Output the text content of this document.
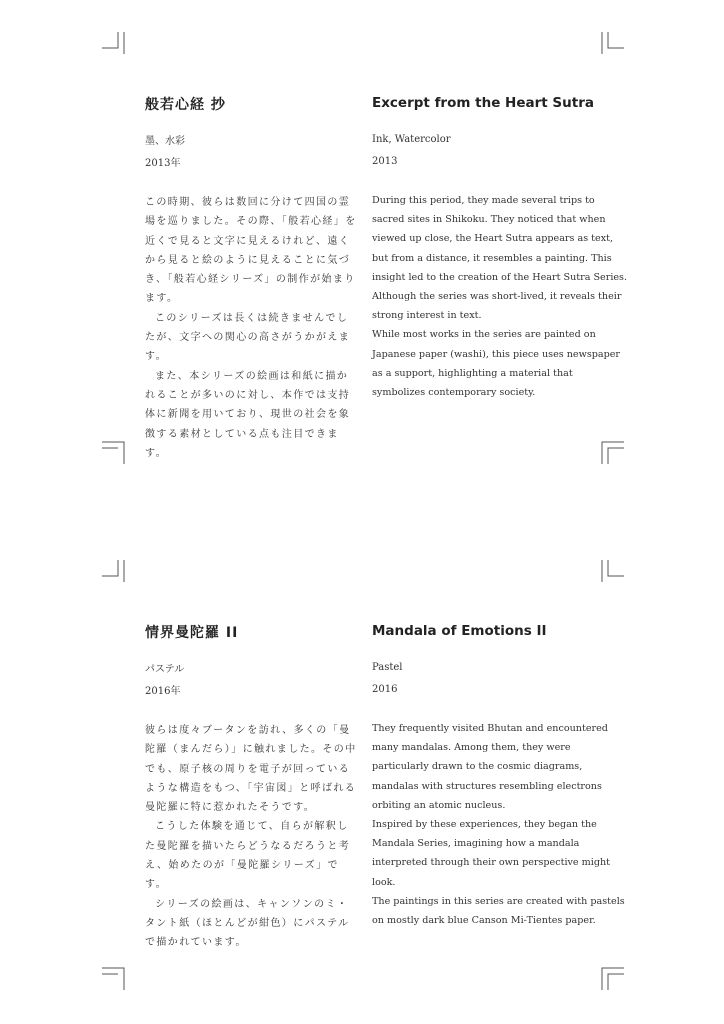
般若心経 抄
墨、水彩
2013年

この時期、彼らは数回に分けて四国の霊場を巡りました。その際、「般若心経」を近くで見ると文字に見えるけれど、遠くから見ると絵のように見えることに気づき、「般若心経シリーズ」の制作が始まります。

このシリーズは長くは続きませんでしたが、文字への関心の高さがうかがえます。

また、本シリーズの絵画は和紙に描かれることが多いのに対し、本作では支持体に新聞を用いており、現世の社会を象徴する素材としている点も注目できます。

Excerpt from the Heart Sutra
Ink, Watercolor
2013

During this period, they made several trips to

sacred sites in Shikoku. They noticed that when

viewed up close, the Heart Sutra appears as text,

but from a distance, it resembles a painting. This

insight led to the creation of the Heart Sutra Series.

Although the series was short-lived, it reveals their

strong interest in text.

While most works in the series are painted on

Japanese paper (washi), this piece uses newspaper

as a support, highlighting a material that

symbolizes contemporary society.

情界曼陀羅 II
パステル
2016年

彼らは度々ブータンを訪れ、多くの「曼陀羅（まんだら）」に触れました。その中でも、原子核の周りを電子が回っているような構造をもつ、「宇宙図」と呼ばれる曼陀羅に特に惹かれたそうです。

こうした体験を通じて、自らが解釈した曼陀羅を描いたらどうなるだろうと考え、始めたのが「曼陀羅シリーズ」です。

シリーズの絵画は、キャンソンのミ・タント紙（ほとんどが紺色）にパステルで描かれています。

Mandala of Emotions II
Pastel
2016

They frequently visited Bhutan and encountered

many mandalas. Among them, they were

particularly drawn to the cosmic diagrams,

mandalas with structures resembling electrons

orbiting an atomic nucleus.

Inspired by these experiences, they began the

Mandala Series, imagining how a mandala

interpreted through their own perspective might

look.

The paintings in this series are created with pastels

on mostly dark blue Canson Mi-Tientes paper.
